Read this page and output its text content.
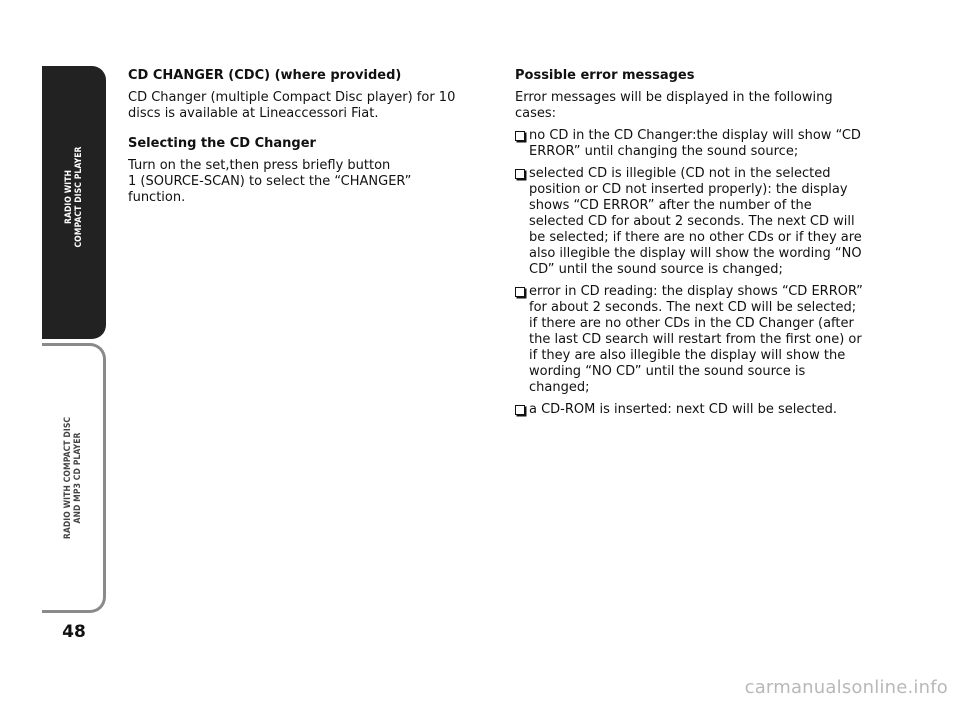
RADIO WITH COMPACT DISC PLAYER
RADIO WITH COMPACT DISC AND MP3 CD PLAYER
48
CD CHANGER (CDC) (where provided)

CD Changer (multiple Compact Disc player) for 10 discs is available at Lineaccessori Fiat.

Selecting the CD Changer

Turn on the set,then press briefly button
1 (SOURCE-SCAN) to select the “CHANGER” function.

Possible error messages

Error messages will be displayed in the following cases:

no CD in the CD Changer:the display will show “CD ERROR” until changing the sound source;
selected CD is illegible (CD not in the selected position or CD not inserted properly): the display shows “CD ERROR” after the number of the selected CD for about 2 seconds. The next CD will be selected; if there are no other CDs or if they are also illegible the display will show the wording “NO CD” until the sound source is changed;
error in CD reading: the display shows “CD ERROR” for about 2 seconds. The next CD will be selected; if there are no other CDs in the CD Changer (after the last CD search will restart from the first one) or if they are also illegible the display will show the wording “NO CD” until the sound source is changed;
a CD-ROM is inserted: next CD will be selected.
carmanualsonline.info
